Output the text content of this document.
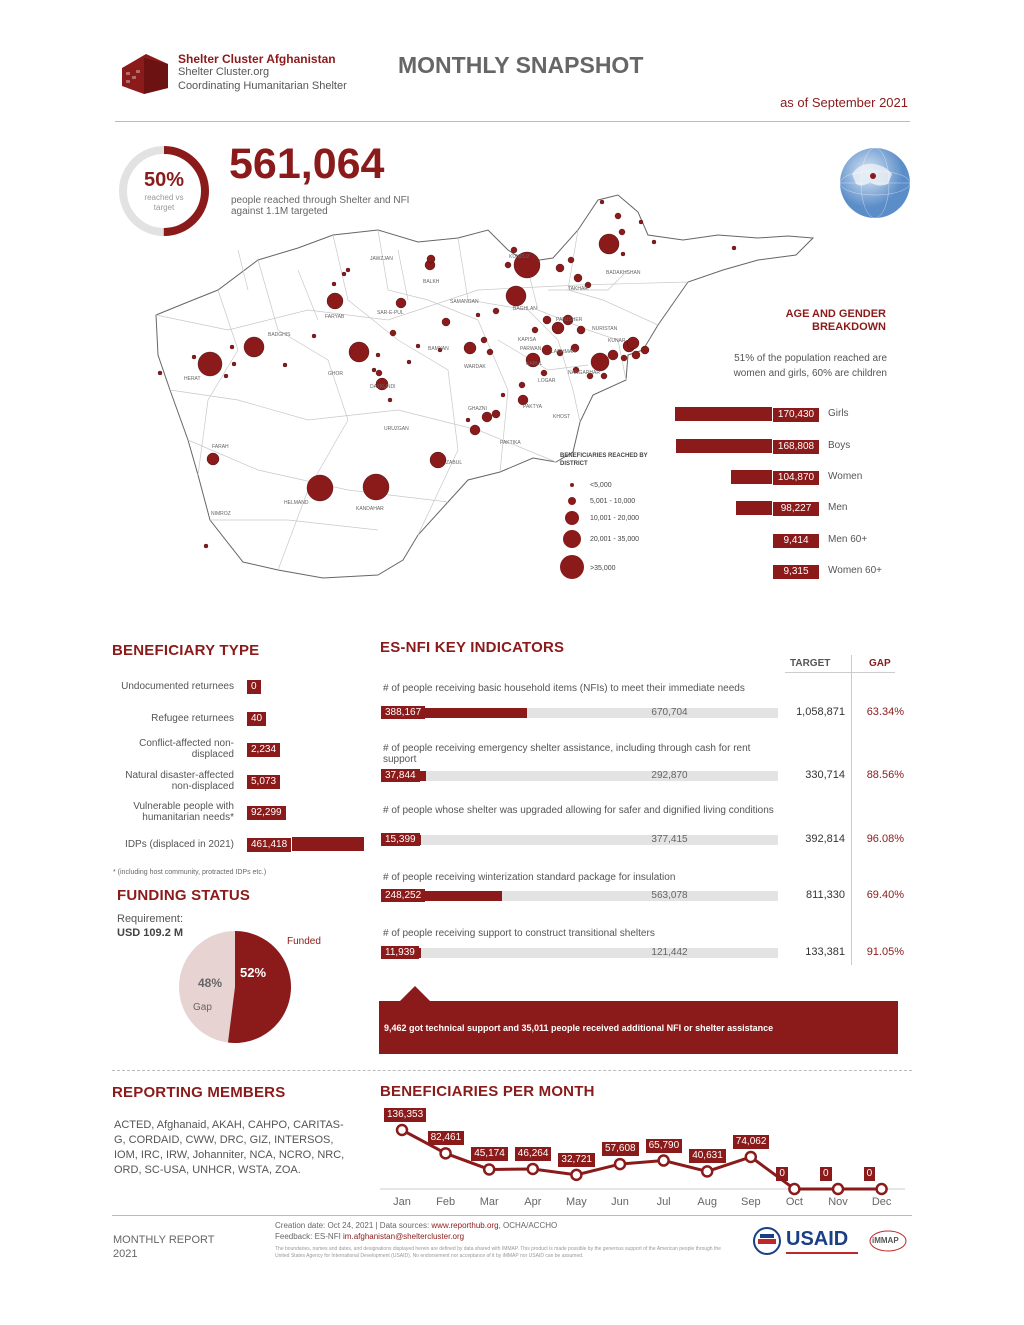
Shelter Cluster Afghanistan
Shelter Cluster.org
Coordinating Humanitarian Shelter
MONTHLY SNAPSHOT
as of September 2021
50%
reached vs target
561,064
people reached through Shelter and NFI against 1.1M targeted
JAWZJAN
BALKH
KUNDUZ
BADAKHSHAN
TAKHAR
SAMANGAN
BAGHLAN
FARYAB
SAR-E-PUL
PANJSHER
NURISTAN
BADGHIS
KAPISA	KUNAR
BAMYAN	PARWAN LAGHMAN
HERAT
GHOR
DAYKUNDI
WARDAK	KABUL
NANGARHAR
LOGAR
GHAZNI	PAKTYA
KHOST
URUZGAN
PAKTIKA
FARAH
ZABUL
NIMROZ
HELMAND
KANDAHAR
BENEFICIARIES REACHED BY DISTRICT
<5,000
5,001 - 10,000
10,001 - 20,000
20,001 - 35,000
>35,000
AGE AND GENDER BREAKDOWN
51% of the population reached are women and girls, 60% are children
170,430	Girls
168,808	Boys
104,870	Women
98,227	Men
9,414	Men 60+
9,315	Women 60+
BENEFICIARY TYPE
Undocumented returnees	0
Refugee returnees	40
Conflict-affected non-displaced	2,234
Natural disaster-affected non-displaced	5,073
Vulnerable people with humanitarian needs*	92,299
IDPs (displaced in 2021)	461,418
* (including host community, protracted IDPs etc.)
FUNDING STATUS
Requirement:
USD 109.2 M
Funded
52%
48%
Gap
ES-NFI KEY INDICATORS
TARGET	GAP
# of people receiving basic household items (NFIs) to meet their immediate needs
388,167	670,704	1,058,871	63.34%
# of people receiving emergency shelter assistance, including through cash for rent support
37,844	292,870	330,714	88.56%
# of people whose shelter was upgraded allowing for safer and dignified living conditions
15,399	377,415	392,814	96.08%
# of people receiving winterization standard package for insulation
248,252	563,078	811,330	69.40%
# of people receiving support to construct transitional shelters
11,939	121,442	133,381	91.05%
9,462 got technical support and 35,011 people received additional NFI or shelter assistance
REPORTING MEMBERS
ACTED, Afghanaid, AKAH, CAHPO, CARITAS-G, CORDAID, CWW, DRC, GIZ, INTERSOS, IOM, IRC, IRW, Johanniter, NCA, NCRO, NRC, ORD, SC-USA, UNHCR, WSTA, ZOA.
BENEFICIARIES PER MONTH
Jan	Feb	Mar	Apr	May	Jun	Jul	Aug	Sep	Oct	Nov	Dec
136,353
82,461
45,174	46,264
32,721
57,608	65,790
40,631
74,062
0	0	0
MONTHLY REPORT
2021
Creation date: Oct 24, 2021 | Data sources: www.reporthub.org, OCHA/ACCHO
Feedback: ES-NFI im.afghanistan@sheltercluster.org
The boundaries, names and dates, and designations displayed herein are defined by data shared with IMMAP. This product is made possible by the generous support of the American people through the United States Agency for International Development (USAID). No endorsement nor acceptance of it by iMMAP nor USAID can be assumed.
USAID	iMMAP
